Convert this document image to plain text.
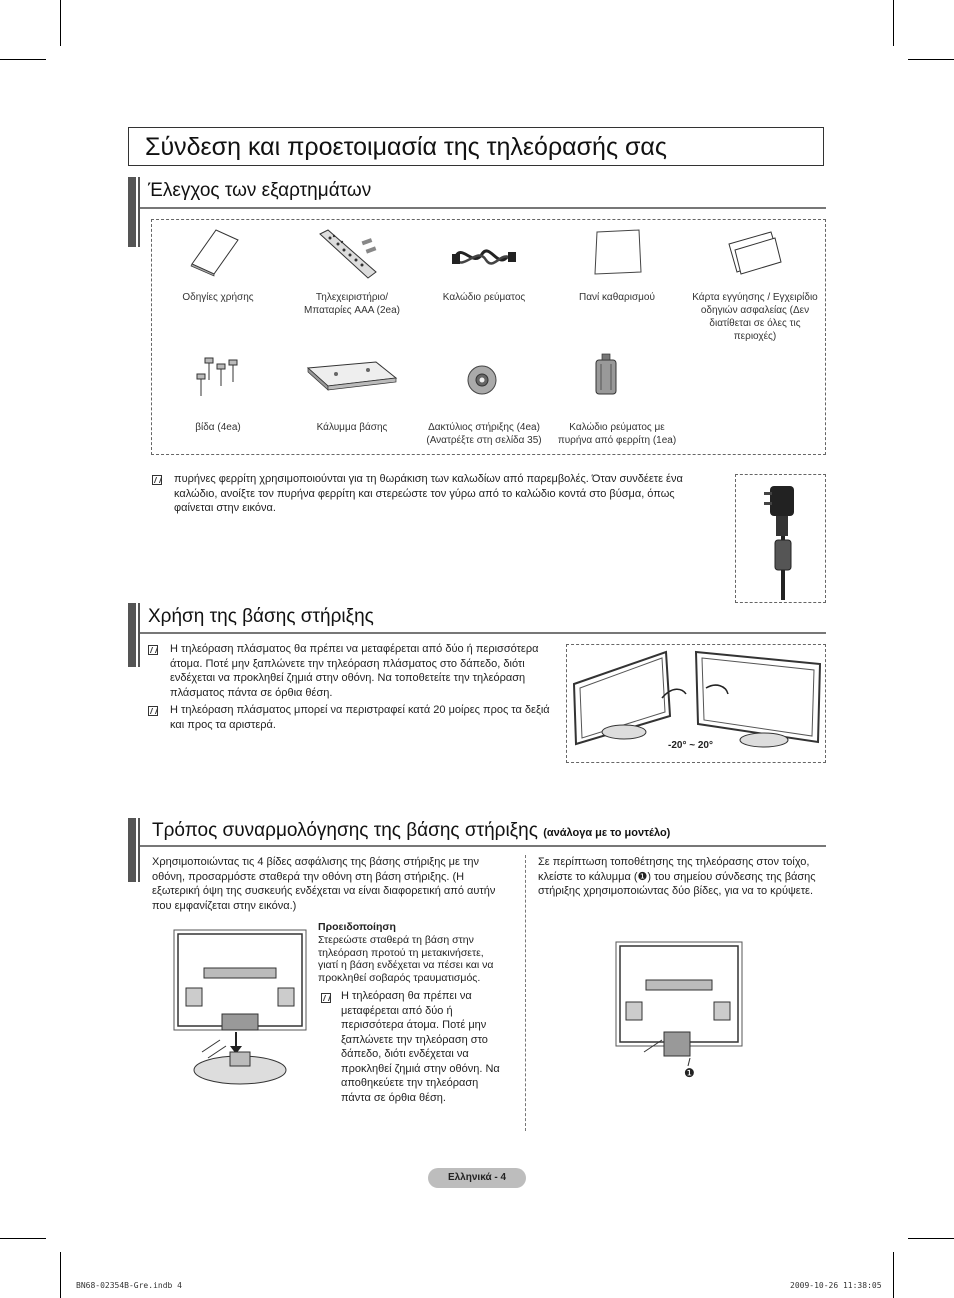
Σύνδεση και προετοιμασία της τηλεόρασής σας
Έλεγχος των εξαρτημάτων
Οδηγίες χρήσης	Τηλεχειριστήριο/ Μπαταρίες AAA (2ea)
Καλώδιο ρεύματος	Πανί καθαρισμού	Κάρτα εγγύησης / Εγχειρίδιο οδηγιών ασφαλείας (Δεν διατίθεται σε όλες τις περιοχές)
βίδα (4ea)	Κάλυμμα βάσης	Δακτύλιος στήριξης (4ea) (Ανατρέξτε στη σελίδα 35)
Καλώδιο ρεύματος με πυρήνα από φερρίτη (1ea)
πυρήνες φερρίτη χρησιμοποιούνται για τη θωράκιση των καλωδίων από παρεμβολές. Όταν συνδέετε ένα καλώδιο, ανοίξτε τον πυρήνα φερρίτη και στερεώστε τον γύρω από το καλώδιο κοντά στο βύσμα, όπως φαίνεται στην εικόνα.
Χρήση της βάσης στήριξης
Η τηλεόραση πλάσματος θα πρέπει να μεταφέρεται από δύο ή περισσότερα άτομα. Ποτέ μην ξαπλώνετε την τηλεόραση πλάσματος στο δάπεδο, διότι ενδέχεται να προκληθεί ζημιά στην οθόνη. Να τοποθετείτε την τηλεόραση πλάσματος πάντα σε όρθια θέση.
Η τηλεόραση πλάσματος μπορεί να περιστραφεί κατά 20 μοίρες προς τα δεξιά και προς τα αριστερά.
-20° ~ 20°
Τρόπος συναρμολόγησης της βάσης στήριξης (ανάλογα με το μοντέλο)
Χρησιμοποιώντας τις 4 βίδες ασφάλισης της βάσης στήριξης με την οθόνη, προσαρμόστε σταθερά την οθόνη στη βάση στήριξης. (Η εξωτερική όψη της συσκευής ενδέχεται να είναι διαφορετική από αυτήν που εμφανίζεται στην εικόνα.)
Σε περίπτωση τοποθέτησης της τηλεόρασης στον τοίχο, κλείστε το κάλυμμα (❶) του σημείου σύνδεσης της βάσης στήριξης χρησιμοποιώντας δύο βίδες, για να το κρύψετε.
Προειδοποίηση
Στερεώστε σταθερά τη βάση στην τηλεόραση προτού τη μετακινήσετε, γιατί η βάση ενδέχεται να πέσει και να προκληθεί σοβαρός τραυματισμός.
Η τηλεόραση θα πρέπει να μεταφέρεται από δύο ή περισσότερα άτομα. Ποτέ μην ξαπλώνετε την τηλεόραση στο δάπεδο, διότι ενδέχεται να προκληθεί ζημιά στην οθόνη. Να αποθηκεύετε την τηλεόραση πάντα σε όρθια θέση.
❶
Ελληνικά - 4
BN68-02354B-Gre.indb 4	2009-10-26 11:38:05
